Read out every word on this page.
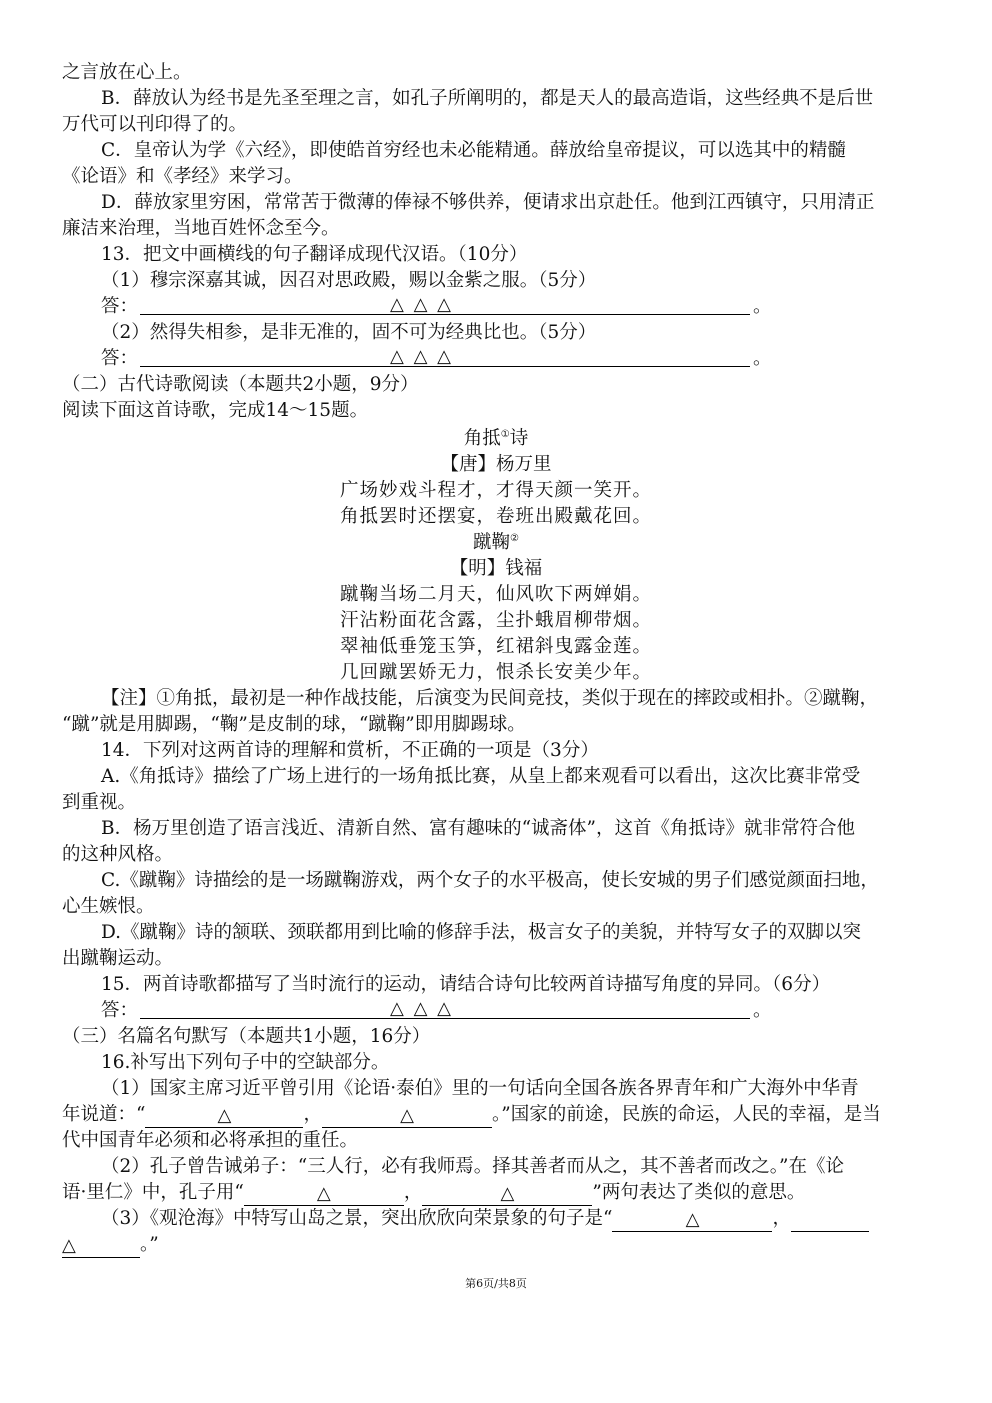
之言放在心上。
B．薛放认为经书是先圣至理之言，如孔子所阐明的，都是天人的最高造诣，这些经典不是后世
万代可以刊印得了的。
C．皇帝认为学《六经》，即使皓首穷经也未必能精通。薛放给皇帝提议，可以选其中的精髓
《论语》和《孝经》来学习。
D．薛放家里穷困，常常苦于微薄的俸禄不够供养，便请求出京赴任。他到江西镇守，只用清正
廉洁来治理，当地百姓怀念至今。
13．把文中画横线的句子翻译成现代汉语。（10分）
（1）穆宗深嘉其诚，因召对思政殿，赐以金紫之服。（5分）
答：	△ △ △	。
（2）然得失相参，是非无准的，固不可为经典比也。（5分）
答：	△ △ △	。
（二）古代诗歌阅读（本题共2小题，9分）
阅读下面这首诗歌，完成14～15题。
角抵①诗
【唐】杨万里
广场妙戏斗程才，才得天颜一笑开。
角抵罢时还摆宴，卷班出殿戴花回。
蹴鞠②
【明】钱福
蹴鞠当场二月天，仙风吹下两婵娟。
汗沾粉面花含露，尘扑蛾眉柳带烟。
翠袖低垂笼玉笋，红裙斜曳露金莲。
几回蹴罢娇无力，恨杀长安美少年。
【注】①角抵，最初是一种作战技能，后演变为民间竞技，类似于现在的摔跤或相扑。②蹴鞠，
“蹴”就是用脚踢，“鞠”是皮制的球，“蹴鞠”即用脚踢球。
14．下列对这两首诗的理解和赏析，不正确的一项是（3分）
A.《角抵诗》描绘了广场上进行的一场角抵比赛，从皇上都来观看可以看出，这次比赛非常受
到重视。
B．杨万里创造了语言浅近、清新自然、富有趣味的“诚斋体”，这首《角抵诗》就非常符合他
的这种风格。
C.《蹴鞠》诗描绘的是一场蹴鞠游戏，两个女子的水平极高，使长安城的男子们感觉颜面扫地，
心生嫉恨。
D.《蹴鞠》诗的颔联、颈联都用到比喻的修辞手法，极言女子的美貌，并特写女子的双脚以突
出蹴鞠运动。
15．两首诗歌都描写了当时流行的运动，请结合诗句比较两首诗描写角度的异同。（6分）
答：	△ △ △	。
（三）名篇名句默写（本题共1小题，16分）
16.补写出下列句子中的空缺部分。
（1）国家主席习近平曾引用《论语·泰伯》里的一句话向全国各族各界青年和广大海外中华青
年说道：“	△	，	△	。”国家的前途，民族的命运，人民的幸福，是当
代中国青年必须和必将承担的重任。
（2）孔子曾告诫弟子：“三人行，必有我师焉。择其善者而从之，其不善者而改之。”在《论
语·里仁》中，孔子用“	△	，	△	”两句表达了类似的意思。
（3）《观沧海》中特写山岛之景，突出欣欣向荣景象的句子是“	△	，
△	。”
第6页/共8页
